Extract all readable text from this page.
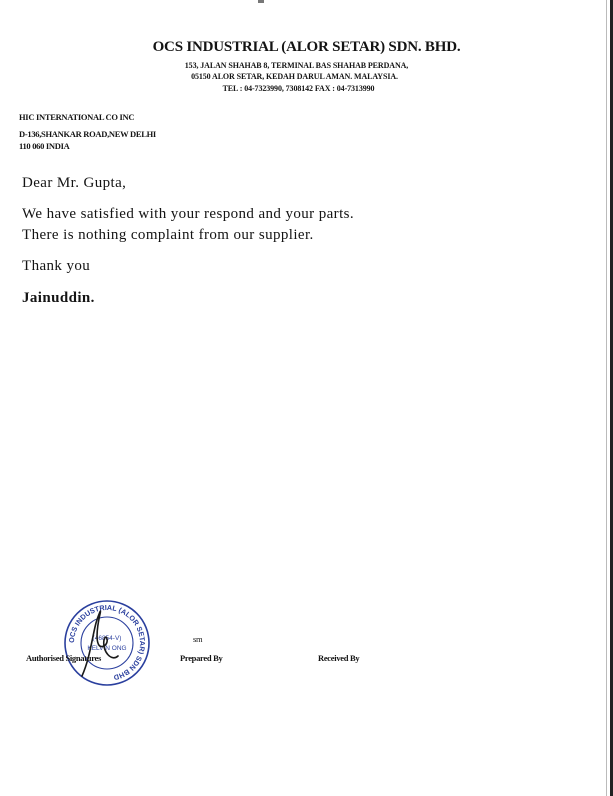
OCS INDUSTRIAL (ALOR SETAR) SDN. BHD.
153, JALAN SHAHAB 8, TERMINAL BAS SHAHAB PERDANA,
05150 ALOR SETAR, KEDAH DARUL AMAN. MALAYSIA.
TEL : 04-7323990, 7308142 FAX : 04-7313990
HIC INTERNATIONAL CO INC
D-136,SHANKAR ROAD,NEW DELHI
110 060 INDIA
Dear Mr. Gupta,
We have satisfied with your respond and your parts.
There is nothing complaint from our supplier.
Thank you
Jainuddin.
OCS INDUSTRIAL (ALOR SETAR) SDN BHD
(46854-V)
KELVIN ONG
sm
Authorised Signatures	Prepared By	Received By
